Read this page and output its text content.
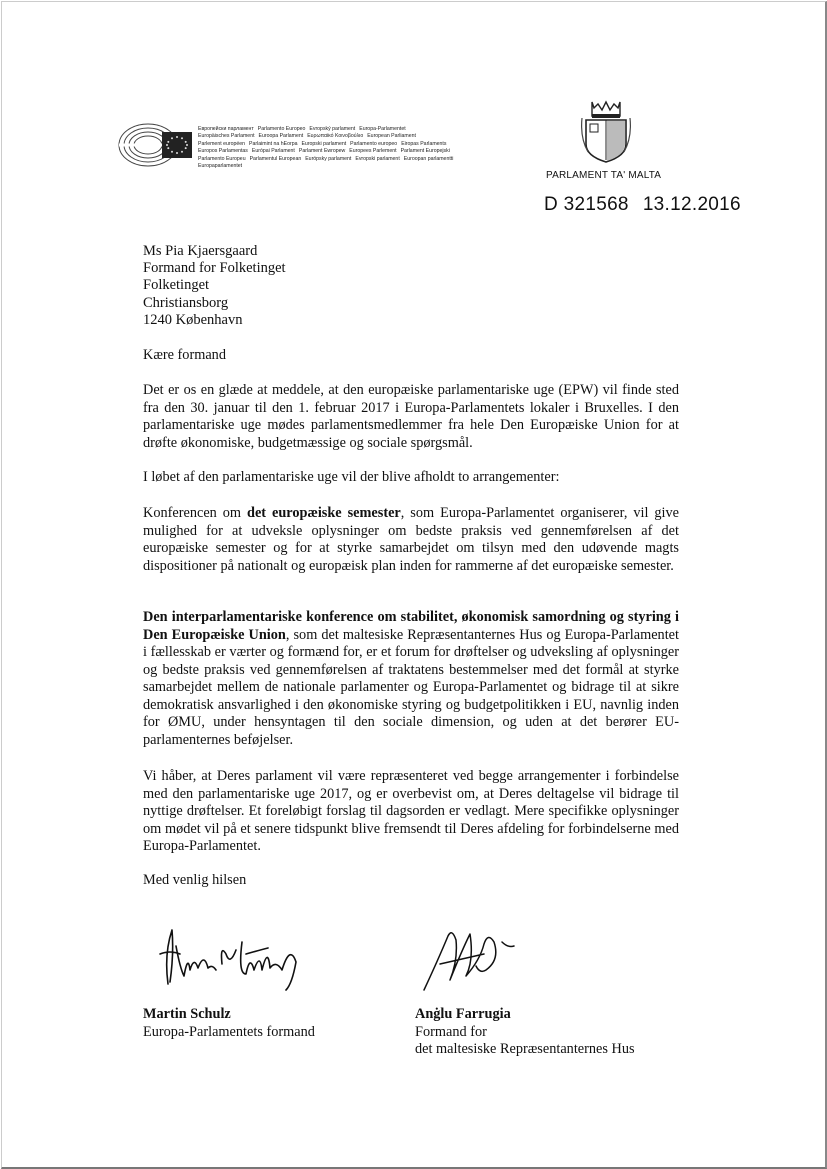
Европейски парламент Parlamento Europeo Evropský parlament Europa-ParlamentetEuropäisches Parlament Euroopa Parlament Ευρωπαϊκό Κοινοβούλιο European ParliamentParlement européen Parlaimint na hEorpa Europski parlament Parlamento europeo Eiropas ParlamentsEuropos Parlamentas Európai Parlament Parlament Ewropew Europees Parlement Parlament EuropejskiParlamento Europeu Parlamentul European Európsky parlament Evropski parlament Euroopan parlamenttiEuropaparlamentet
PARLAMENT TA' MALTA
D 321568 13.12.2016
Ms Pia Kjaersgaard
Formand for Folketinget
Folketinget
Christiansborg
1240 København
Kære formand
Det er os en glæde at meddele, at den europæiske parlamentariske uge (EPW) vil finde sted fra den 30. januar til den 1. februar 2017 i Europa-Parlamentets lokaler i Bruxelles. I den parlamentariske uge mødes parlamentsmedlemmer fra hele Den Europæiske Union for at drøfte økonomiske, budgetmæssige og sociale spørgsmål.
I løbet af den parlamentariske uge vil der blive afholdt to arrangementer:
Konferencen om det europæiske semester, som Europa-Parlamentet organiserer, vil give mulighed for at udveksle oplysninger om bedste praksis ved gennemførelsen af det europæiske semester og for at styrke samarbejdet om tilsyn med den udøvende magts dispositioner på nationalt og europæisk plan inden for rammerne af det europæiske semester.
Den interparlamentariske konference om stabilitet, økonomisk samordning og styring i Den Europæiske Union, som det maltesiske Repræsentanternes Hus og Europa-Parlamentet i fællesskab er værter og formænd for, er et forum for drøftelser og udveksling af oplysninger og bedste praksis ved gennemførelsen af traktatens bestemmelser med det formål at styrke samarbejdet mellem de nationale parlamenter og Europa-Parlamentet og bidrage til at sikre demokratisk ansvarlighed i den økonomiske styring og budgetpolitikken i EU, navnlig inden for ØMU, under hensyntagen til den sociale dimension, og uden at det berører EU-parlamenternes beføjelser.
Vi håber, at Deres parlament vil være repræsenteret ved begge arrangementer i forbindelse med den parlamentariske uge 2017, og er overbevist om, at Deres deltagelse vil bidrage til nyttige drøftelser. Et foreløbigt forslag til dagsorden er vedlagt. Mere specifikke oplysninger om mødet vil på et senere tidspunkt blive fremsendt til Deres afdeling for forbindelserne med Europa-Parlamentet.
Med venlig hilsen
Martin Schulz
Europa-Parlamentets formand
Anġlu Farrugia
Formand for
det maltesiske Repræsentanternes Hus
